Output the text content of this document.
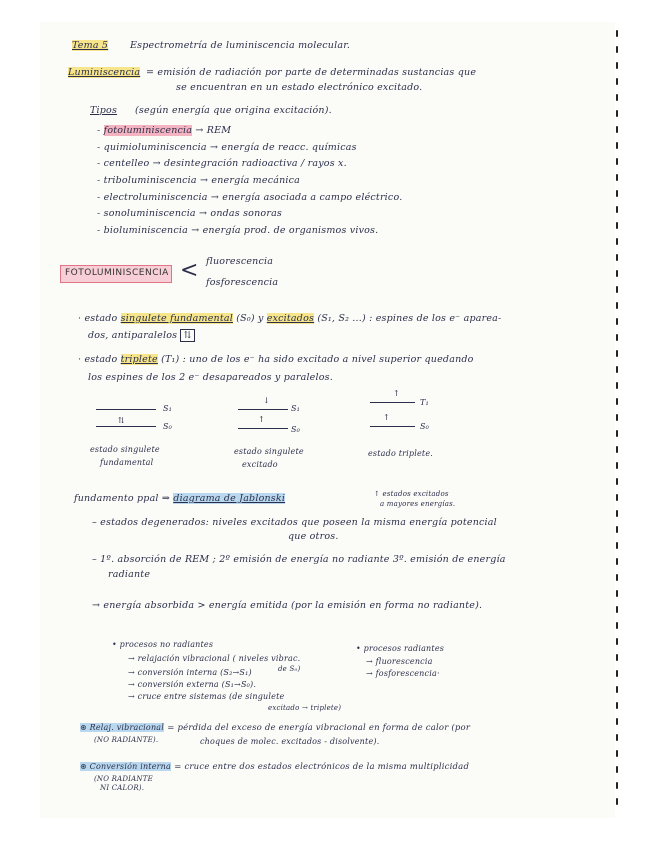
Tema 5 Espectrometría de luminiscencia molecular.
Luminiscencia = emisión de radiación por parte de determinadas sustancias que
se encuentran en un estado electrónico excitado.
Tipos (según energía que origina excitación).
- fotoluminiscencia → REM
- quimioluminiscencia → energía de reacc. químicas
- centelleo → desintegración radioactiva / rayos x.
- triboluminiscencia → energía mecánica
- electroluminiscencia → energía asociada a campo eléctrico.
- sonoluminiscencia → ondas sonoras
- bioluminiscencia → energía prod. de organismos vivos.
FOTOLUMINISCENCIA < fluorescencia
fosforescencia
· estado singulete fundamental (S₀) y excitados (S₁, S₂ ...) : espines de los e⁻ aparea-
dos, antiparalelos ⇅
· estado triplete (T₁) : uno de los e⁻ ha sido excitado a nivel superior quedando
los espines de los 2 e⁻ desapareados y paralelos.
S₁
⇅
S₀
estado singulete
fundamental
↓
S₁
↑
S₀
estado singulete
excitado
↑
T₁
↑
S₀
estado triplete.
fundamento ppal ⇒ diagrama de Jablonski	↑ estados excitados
a mayores energías.
– estados degenerados: niveles excitados que poseen la misma energía potencial
que otros.
– 1º. absorción de REM ; 2º emisión de energía no radiante 3º. emisión de energía
radiante
→ energía absorbida > energía emitida (por la emisión en forma no radiante).
• procesos no radiantes
→ relajación vibracional ( niveles vibrac.
de S₀)
→ conversión interna (S₂→S₁)
→ conversión externa (S₁→S₀).
→ cruce entre sistemas (de singulete
excitado → triplete)
• procesos radiantes
→ fluorescencia
→ fosforescencia·
⊛ Relaj. vibracional = pérdida del exceso de energía vibracional en forma de calor (por
(NO RADIANTE).	choques de molec. excitados - disolvente).
⊛ Conversión interna = cruce entre dos estados electrónicos de la misma multiplicidad
(NO RADIANTE
NI CALOR).
